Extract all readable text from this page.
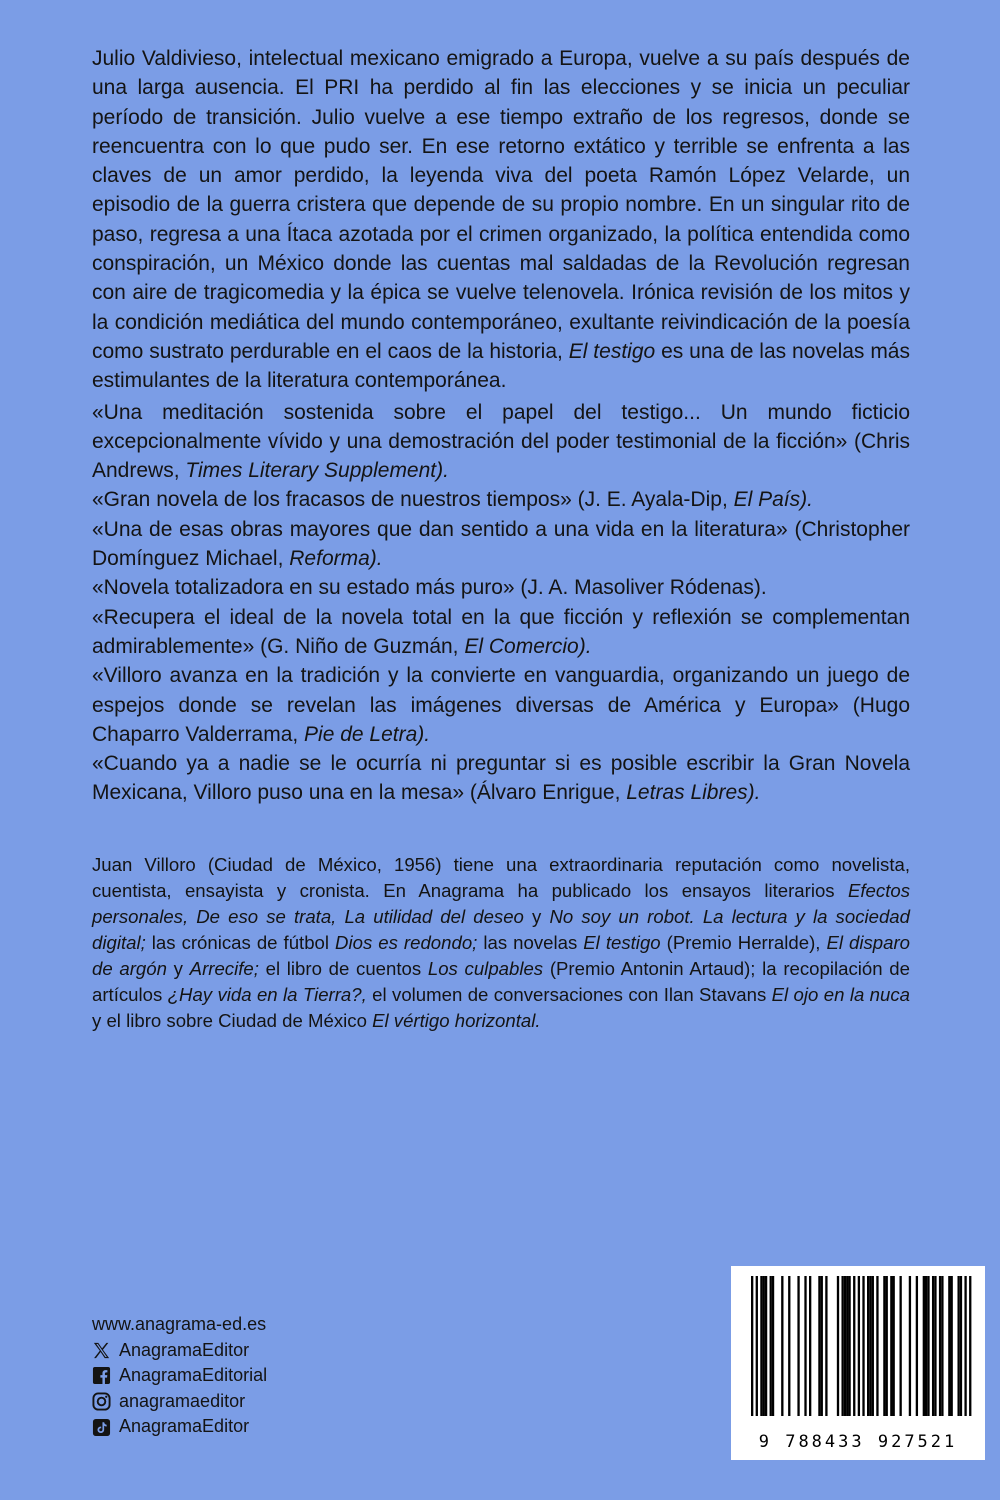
Julio Valdivieso, intelectual mexicano emigrado a Europa, vuelve a su país después de una larga ausencia. El PRI ha perdido al fin las elecciones y se inicia un peculiar período de transición. Julio vuelve a ese tiempo extraño de los regresos, donde se reencuentra con lo que pudo ser. En ese retorno extático y terrible se enfrenta a las claves de un amor perdido, la leyenda viva del poeta Ramón López Velarde, un episodio de la guerra cristera que depende de su propio nombre. En un singular rito de paso, regresa a una Ítaca azotada por el crimen organizado, la política entendida como conspiración, un México donde las cuentas mal saldadas de la Revolución regresan con aire de tragicomedia y la épica se vuelve telenovela. Irónica revisión de los mitos y la condición mediática del mundo contemporáneo, exultante reivindicación de la poesía como sustrato perdurable en el caos de la historia, El testigo es una de las novelas más estimulantes de la literatura contemporánea.

«Una meditación sostenida sobre el papel del testigo... Un mundo ficticio excepcionalmente vívido y una demostración del poder testimonial de la ficción» (Chris Andrews, Times Literary Supplement).

«Gran novela de los fracasos de nuestros tiempos» (J. E. Ayala-Dip, El País).

«Una de esas obras mayores que dan sentido a una vida en la literatura» (Christopher Domínguez Michael, Reforma).

«Novela totalizadora en su estado más puro» (J. A. Masoliver Ródenas).

«Recupera el ideal de la novela total en la que ficción y reflexión se complementan admirablemente» (G. Niño de Guzmán, El Comercio).

«Villoro avanza en la tradición y la convierte en vanguardia, organizando un juego de espejos donde se revelan las imágenes diversas de América y Europa» (Hugo Chaparro Valderrama, Pie de Letra).

«Cuando ya a nadie se le ocurría ni preguntar si es posible escribir la Gran Novela Mexicana, Villoro puso una en la mesa» (Álvaro Enrigue, Letras Libres).

Juan Villoro (Ciudad de México, 1956) tiene una extraordinaria reputación como novelista, cuentista, ensayista y cronista. En Anagrama ha publicado los ensayos literarios Efectos personales, De eso se trata, La utilidad del deseo y No soy un robot. La lectura y la sociedad digital; las crónicas de fútbol Dios es redondo; las novelas El testigo (Premio Herralde), El disparo de argón y Arrecife; el libro de cuentos Los culpables (Premio Antonin Artaud); la recopilación de artículos ¿Hay vida en la Tierra?, el volumen de conversaciones con Ilan Stavans El ojo en la nuca y el libro sobre Ciudad de México El vértigo horizontal.

www.anagrama-ed.es
AnagramaEditor
AnagramaEditorial
anagramaeditor
AnagramaEditor
9 788433 927521
